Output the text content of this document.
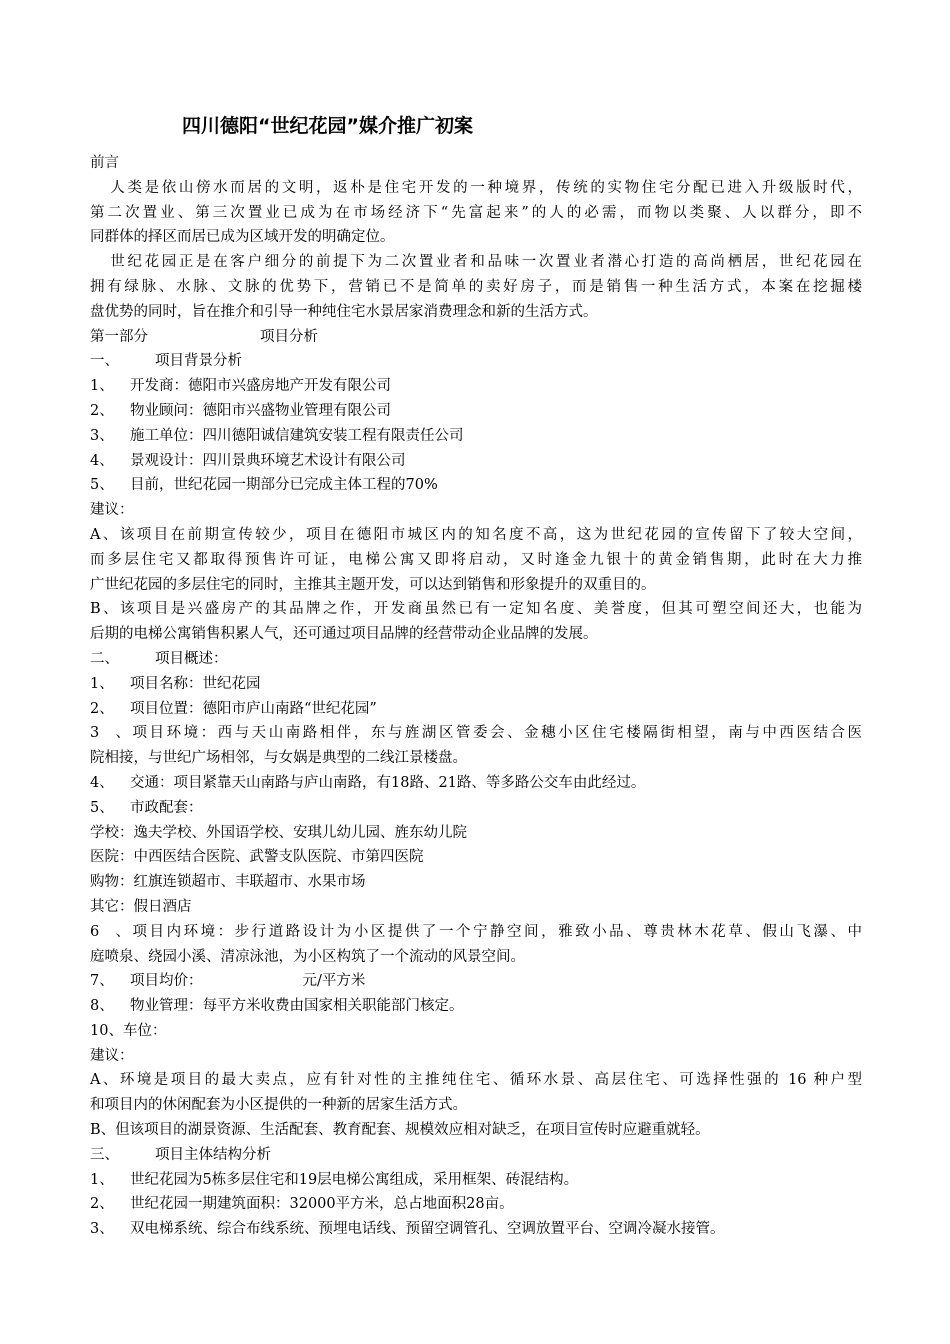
四川德阳“世纪花园”媒介推广初案
前言
人类是依山傍水而居的文明，返朴是住宅开发的一种境界，传统的实物住宅分配已进入升级版时代，
第二次置业、第三次置业已成为在市场经济下“先富起来”的人的必需，而物以类聚、人以群分，即不
同群体的择区而居已成为区域开发的明确定位。
世纪花园正是在客户细分的前提下为二次置业者和品味一次置业者潜心打造的高尚栖居，世纪花园在
拥有绿脉、水脉、文脉的优势下，营销已不是简单的卖好房子，而是销售一种生活方式，本案在挖掘楼
盘优势的同时，旨在推介和引导一种纯住宅水景居家消费理念和新的生活方式。
第一部分	项目分析
一、 项目背景分析
1、 开发商：德阳市兴盛房地产开发有限公司
2、 物业顾问：德阳市兴盛物业管理有限公司
3、 施工单位：四川德阳诚信建筑安装工程有限责任公司
4、 景观设计：四川景典环境艺术设计有限公司
5、 目前，世纪花园一期部分已完成主体工程的70%
建议：
A、该项目在前期宣传较少，项目在德阳市城区内的知名度不高，这为世纪花园的宣传留下了较大空间，
而多层住宅又都取得预售许可证，电梯公寓又即将启动，又时逢金九银十的黄金销售期，此时在大力推
广世纪花园的多层住宅的同时，主推其主题开发，可以达到销售和形象提升的双重目的。
B、该项目是兴盛房产的其品牌之作，开发商虽然已有一定知名度、美誉度，但其可塑空间还大，也能为
后期的电梯公寓销售积累人气，还可通过项目品牌的经营带动企业品牌的发展。
二、 项目概述：
1、 项目名称：世纪花园
2、 项目位置：德阳市庐山南路“世纪花园”
3、项目环境：西与天山南路相伴，东与旌湖区管委会、金穗小区住宅楼隔街相望，南与中西医结合医
院相接，与世纪广场相邻，与女娲是典型的二线江景楼盘。
4、 交通：项目紧靠天山南路与庐山南路，有18路、21路、等多路公交车由此经过。
5、 市政配套：
学校：逸夫学校、外国语学校、安琪儿幼儿园、旌东幼儿院
医院：中西医结合医院、武警支队医院、市第四医院
购物：红旗连锁超市、丰联超市、水果市场
其它：假日酒店
6、项目内环境：步行道路设计为小区提供了一个宁静空间，雅致小品、尊贵林木花草、假山飞瀑、中
庭喷泉、绕园小溪、清凉泳池，为小区构筑了一个流动的风景空间。
7、 项目均价：	元/平方米
8、 物业管理：每平方米收费由国家相关职能部门核定。
10、车位：
建议：
A、环境是项目的最大卖点，应有针对性的主推纯住宅、循环水景、高层住宅、可选择性强的 16 种户型
和项目内的休闲配套为小区提供的一种新的居家生活方式。
B、但该项目的湖景资源、生活配套、教育配套、规模效应相对缺乏，在项目宣传时应避重就轻。
三、 项目主体结构分析
1、 世纪花园为5栋多层住宅和19层电梯公寓组成，采用框架、砖混结构。
2、 世纪花园一期建筑面积：32000平方米，总占地面积28亩。
3、 双电梯系统、综合布线系统、预埋电话线、预留空调管孔、空调放置平台、空调冷凝水接管。
